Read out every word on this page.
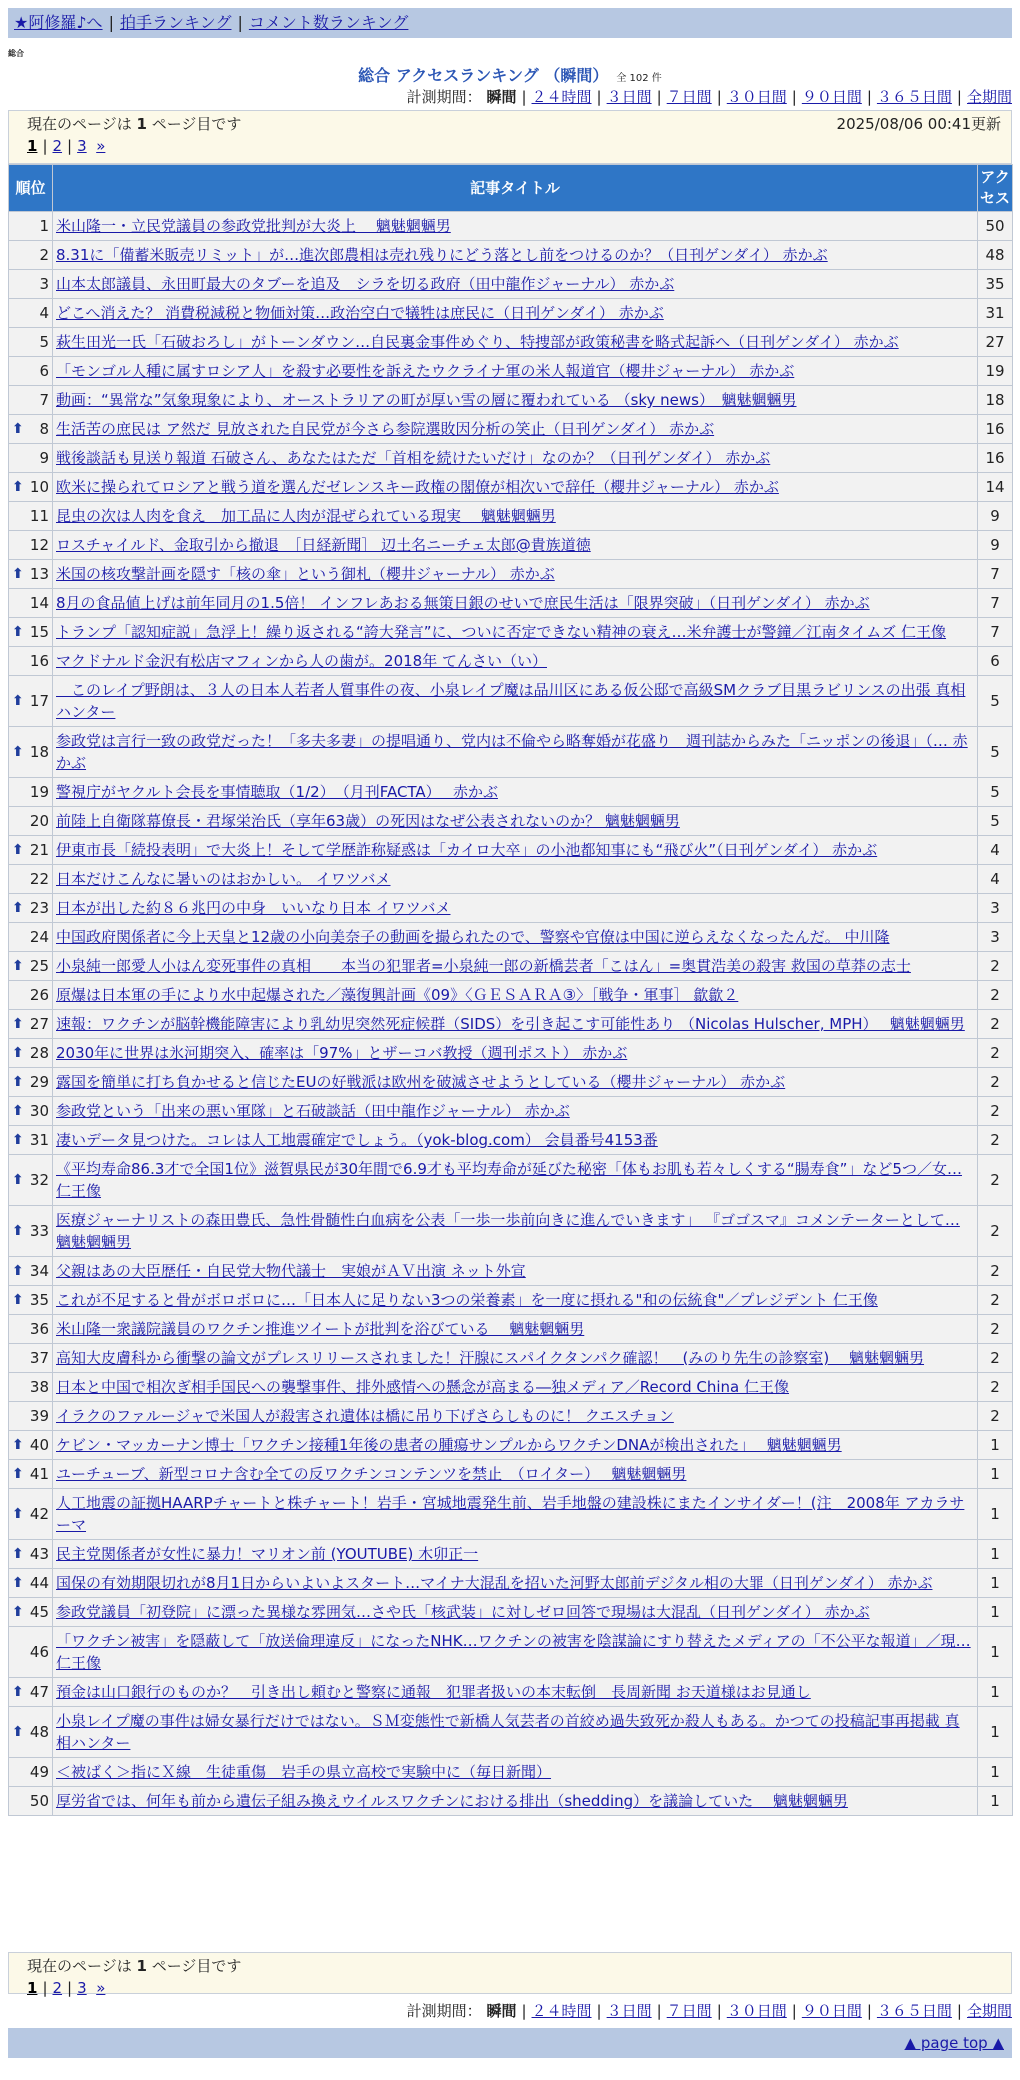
★阿修羅♪へ | 拍手ランキング | コメント数ランキング
総合
総合 アクセスランキング （瞬間） 全 102 件
計測期間： 瞬間 | ２４時間 | ３日間 | ７日間 | ３０日間 | ９０日間 | ３６５日間 | 全期間
現在のページは 1 ページ目です	2025/08/06 00:41更新
1 | 2 | 3 »
順位	記事タイトル	アクセス
1	米山隆一・立民党議員の参政党批判が大炎上　 魑魅魍魎男	50
2	8.31に「備蓄米販売リミット」が…進次郎農相は売れ残りにどう落とし前をつけるのか？（日刊ゲンダイ） 赤かぶ	48
3	山本太郎議員、永田町最大のタブーを追及　シラを切る政府（田中龍作ジャーナル） 赤かぶ	35
4	どこへ消えた？ 消費税減税と物価対策…政治空白で犠牲は庶民に（日刊ゲンダイ） 赤かぶ	31
5	萩生田光一氏「石破おろし」がトーンダウン…自民裏金事件めぐり、特捜部が政策秘書を略式起訴へ（日刊ゲンダイ） 赤かぶ	27
6	「モンゴル人種に属すロシア人」を殺す必要性を訴えたウクライナ軍の米人報道官（櫻井ジャーナル） 赤かぶ	19
7	動画：“異常な”気象現象により、オーストラリアの町が厚い雪の層に覆われている （sky news）　魑魅魍魎男	18

⬆ 8	生活苦の庶民は ア然だ 見放された自民党が今さら参院選敗因分析の笑止（日刊ゲンダイ） 赤かぶ	16
9	戦後談話も見送り報道 石破さん、あなたはただ「首相を続けたいだけ」なのか？（日刊ゲンダイ） 赤かぶ	16

⬆ 10	欧米に操られてロシアと戦う道を選んだゼレンスキー政権の閣僚が相次いで辞任（櫻井ジャーナル） 赤かぶ	14
11	昆虫の次は人肉を食え　加工品に人肉が混ぜられている現実　 魑魅魍魎男	9
12	ロスチャイルド、金取引から撤退　［日経新聞］ 辺土名ニーチェ太郎@貴族道徳	9

⬆ 13	米国の核攻撃計画を隠す「核の傘」という御札（櫻井ジャーナル） 赤かぶ	7
14	8月の食品値上げは前年同月の1.5倍！ インフレあおる無策日銀のせいで庶民生活は「限界突破」（日刊ゲンダイ） 赤かぶ	7

⬆ 15	トランプ「認知症説」急浮上！繰り返される“誇大発言”に、ついに否定できない精神の衰え…米弁護士が警鐘／江南タイムズ 仁王像	7
16	マクドナルド金沢有松店マフィンから人の歯が。2018年 てんさい（い）	6

⬆ 17	　このレイプ野朗は、３人の日本人若者人質事件の夜、小泉レイプ魔は品川区にある仮公邸で高級SMクラブ目黒ラビリンスの出張 真相ハンター	5

⬆ 18	参政党は言行一致の政党だった！「多夫多妻」の提唱通り、党内は不倫やら略奪婚が花盛り　週刊誌からみた「ニッポンの後退」（… 赤かぶ	5
19	警視庁がヤクルト会長を事情聴取（1/2）　（月刊FACTA）　 赤かぶ	5
20	前陸上自衛隊幕僚長・君塚栄治氏（享年63歳）の死因はなぜ公表されないのか？ 魑魅魍魎男	5

⬆ 21	伊東市長「続投表明」で大炎上！そして学歴詐称疑惑は「カイロ大卒」の小池都知事にも“飛び火”（日刊ゲンダイ） 赤かぶ	4
22	日本だけこんなに暑いのはおかしい。 イワツバメ	4

⬆ 23	日本が出した約８６兆円の中身　いいなり日本 イワツバメ	3
24	中国政府関係者に今上天皇と12歳の小向美奈子の動画を撮られたので、警察や官僚は中国に逆らえなくなったんだ。 中川隆	3

⬆ 25	小泉純一郎愛人小はん変死事件の真相　　本当の犯罪者=小泉純一郎の新橋芸者「こはん」=奥貫浩美の殺害 救国の草莽の志士	2
26	原爆は日本軍の手により水中起爆された／藻復興計画《09》〈ＧＥＳＡＲＡ③〉［戦争・軍事］ 歙歙２	2

⬆ 27	速報：ワクチンが脳幹機能障害により乳幼児突然死症候群（SIDS）を引き起こす可能性あり （Nicolas Hulscher, MPH）　 魑魅魍魎男	2

⬆ 28	2030年に世界は氷河期突入、確率は「97%」とザーコバ教授（週刊ポスト） 赤かぶ	2

⬆ 29	露国を簡単に打ち負かせると信じたEUの好戦派は欧州を破滅させようとしている（櫻井ジャーナル） 赤かぶ	2

⬆ 30	参政党という「出来の悪い軍隊」と石破談話（田中龍作ジャーナル） 赤かぶ	2

⬆ 31	凄いデータ見つけた。コレは人工地震確定でしょう。（yok-blog.com） 会員番号4153番	2

⬆ 32	《平均寿命86.3才で全国1位》滋賀県民が30年間で6.9才も平均寿命が延びた秘密「体もお肌も若々しくする“腸寿食”」など5つ／女… 仁王像	2

⬆ 33	医療ジャーナリストの森田豊氏、急性骨髄性白血病を公表「一歩一歩前向きに進んでいきます」 『ゴゴスマ』コメンテーターとして… 魑魅魍魎男	2

⬆ 34	父親はあの大臣歴任・自民党大物代議士　実娘がＡＶ出演 ネット外宣	2

⬆ 35	これが不足すると骨がボロボロに…「日本人に足りない3つの栄養素」を一度に摂れる"和の伝統食"／プレジデント 仁王像	2
36	米山隆一衆議院議員のワクチン推進ツイートが批判を浴びている　 魑魅魍魎男	2
37	高知大皮膚科から衝撃の論文がプレスリリースされました！汗腺にスパイクタンパク確認！　(みのり先生の診察室)　 魑魅魍魎男	2
38	日本と中国で相次ぎ相手国民への襲撃事件、排外感情への懸念が高まる―独メディア／Record China 仁王像	2
39	イラクのファルージャで米国人が殺害され遺体は橋に吊り下げさらしものに！ クエスチョン	2

⬆ 40	ケビン・マッカーナン博士「ワクチン接種1年後の患者の腫瘍サンプルからワクチンDNAが検出された」　 魑魅魍魎男	1

⬆ 41	ユーチューブ、新型コロナ含む全ての反ワクチンコンテンツを禁止　（ロイター）　 魑魅魍魎男	1

⬆ 42	人工地震の証拠HAARPチャートと株チャート！岩手・宮城地震発生前、岩手地盤の建設株にまたインサイダー！(注　2008年 アカラサーマ	1

⬆ 43	民主党関係者が女性に暴力！マリオン前 (YOUTUBE) 木卯正一	1

⬆ 44	国保の有効期限切れが8月1日からいよいよスタート…マイナ大混乱を招いた河野太郎前デジタル相の大罪（日刊ゲンダイ） 赤かぶ	1

⬆ 45	参政党議員「初登院」に漂った異様な雰囲気…さや氏「核武装」に対しゼロ回答で現場は大混乱（日刊ゲンダイ） 赤かぶ	1
46	「ワクチン被害」を隠蔽して「放送倫理違反」になったNHK…ワクチンの被害を陰謀論にすり替えたメディアの「不公平な報道」／現… 仁王像	1

⬆ 47	預金は山口銀行のものか？　引き出し頼むと警察に通報　犯罪者扱いの本末転倒　長周新聞 お天道様はお見通し	1

⬆ 48	小泉レイプ魔の事件は婦女暴行だけではない。ＳＭ変態性で新橋人気芸者の首絞め過失致死か殺人もある。かつての投稿記事再掲載 真相ハンター	1
49	＜被ばく＞指にＸ線　生徒重傷　岩手の県立高校で実験中に（毎日新聞）	1
50	厚労省では、何年も前から遺伝子組み換えウイルスワクチンにおける排出（shedding）を議論していた　 魑魅魍魎男	1
現在のページは 1 ページ目です
1 | 2 | 3 »
計測期間： 瞬間 | ２４時間 | ３日間 | ７日間 | ３０日間 | ９０日間 | ３６５日間 | 全期間
▲ page top ▲
